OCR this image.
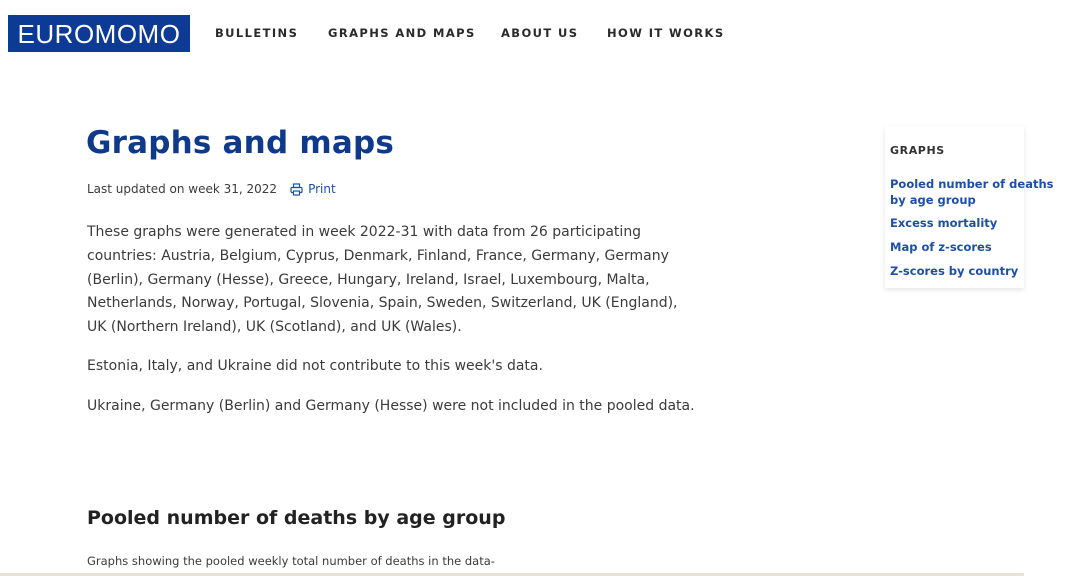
EUROMOMO	BULLETINS	GRAPHS AND MAPS ABOUT US HOW IT WORKS
Graphs and maps
Last updated on week 31, 2022	Print

These graphs were generated in week 2022-31 with data from 26 participating
countries: Austria, Belgium, Cyprus, Denmark, Finland, France, Germany, Germany
(Berlin), Germany (Hesse), Greece, Hungary, Ireland, Israel, Luxembourg, Malta,
Netherlands, Norway, Portugal, Slovenia, Spain, Sweden, Switzerland, UK (England),
UK (Northern Ireland), UK (Scotland), and UK (Wales).

Estonia, Italy, and Ukraine did not contribute to this week's data.

Ukraine, Germany (Berlin) and Germany (Hesse) were not included in the pooled data.

Pooled number of deaths by age group

Graphs showing the pooled weekly total number of deaths in the data-

GRAPHS
Pooled number of deaths by age group
Excess mortality
Map of z-scores
Z-scores by country
